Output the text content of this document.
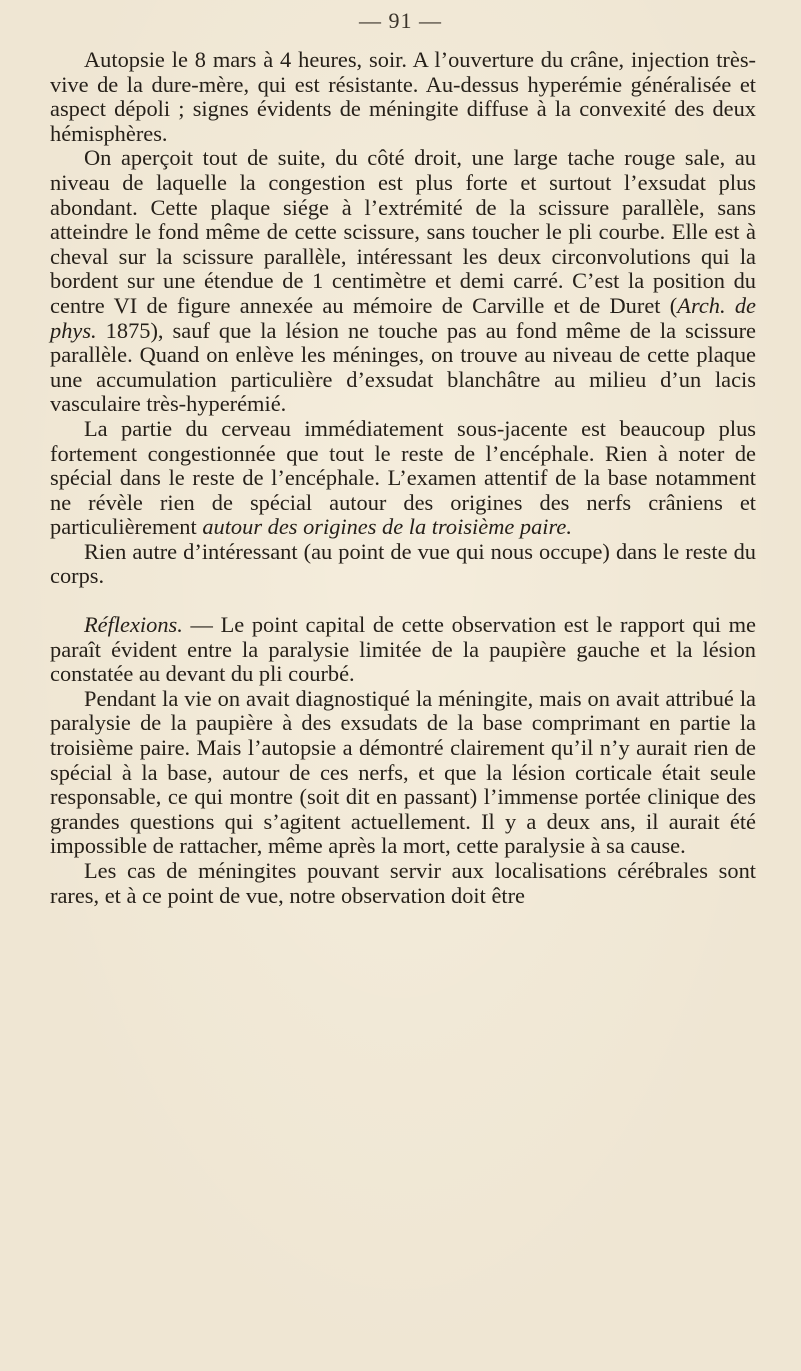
— 91 —

Autopsie le 8 mars à 4 heures, soir. A l’ouverture du crâne, injection très-vive de la dure-mère, qui est résistante. Au-dessus hyperémie généralisée et aspect dépoli ; signes évidents de méningite diffuse à la convexité des deux hémisphères.

On aperçoit tout de suite, du côté droit, une large tache rouge sale, au niveau de laquelle la congestion est plus forte et surtout l’exsudat plus abondant. Cette plaque siége à l’extrémité de la scissure parallèle, sans atteindre le fond même de cette scissure, sans toucher le pli courbe. Elle est à cheval sur la scissure parallèle, intéressant les deux circonvolutions qui la bordent sur une étendue de 1 centimètre et demi carré. C’est la position du centre VI de figure annexée au mémoire de Carville et de Duret (Arch. de phys. 1875), sauf que la lésion ne touche pas au fond même de la scissure parallèle. Quand on enlève les méninges, on trouve au niveau de cette plaque une accumulation particulière d’exsudat blanchâtre au milieu d’un lacis vasculaire très-hyperémié.

La partie du cerveau immédiatement sous-jacente est beaucoup plus fortement congestionnée que tout le reste de l’encéphale. Rien à noter de spécial dans le reste de l’encéphale. L’examen attentif de la base notamment ne révèle rien de spécial autour des origines des nerfs crâniens et particulièrement autour des origines de la troisième paire.

Rien autre d’intéressant (au point de vue qui nous occupe) dans le reste du corps.

Réflexions. — Le point capital de cette observation est le rapport qui me paraît évident entre la paralysie limitée de la paupière gauche et la lésion constatée au devant du pli courbé.

Pendant la vie on avait diagnostiqué la méningite, mais on avait attribué la paralysie de la paupière à des exsudats de la base comprimant en partie la troisième paire. Mais l’autopsie a démontré clairement qu’il n’y aurait rien de spécial à la base, autour de ces nerfs, et que la lésion corticale était seule responsable, ce qui montre (soit dit en passant) l’immense portée clinique des grandes questions qui s’agitent actuellement. Il y a deux ans, il aurait été impossible de rattacher, même après la mort, cette paralysie à sa cause.

Les cas de méningites pouvant servir aux localisations cérébrales sont rares, et à ce point de vue, notre observation doit être
